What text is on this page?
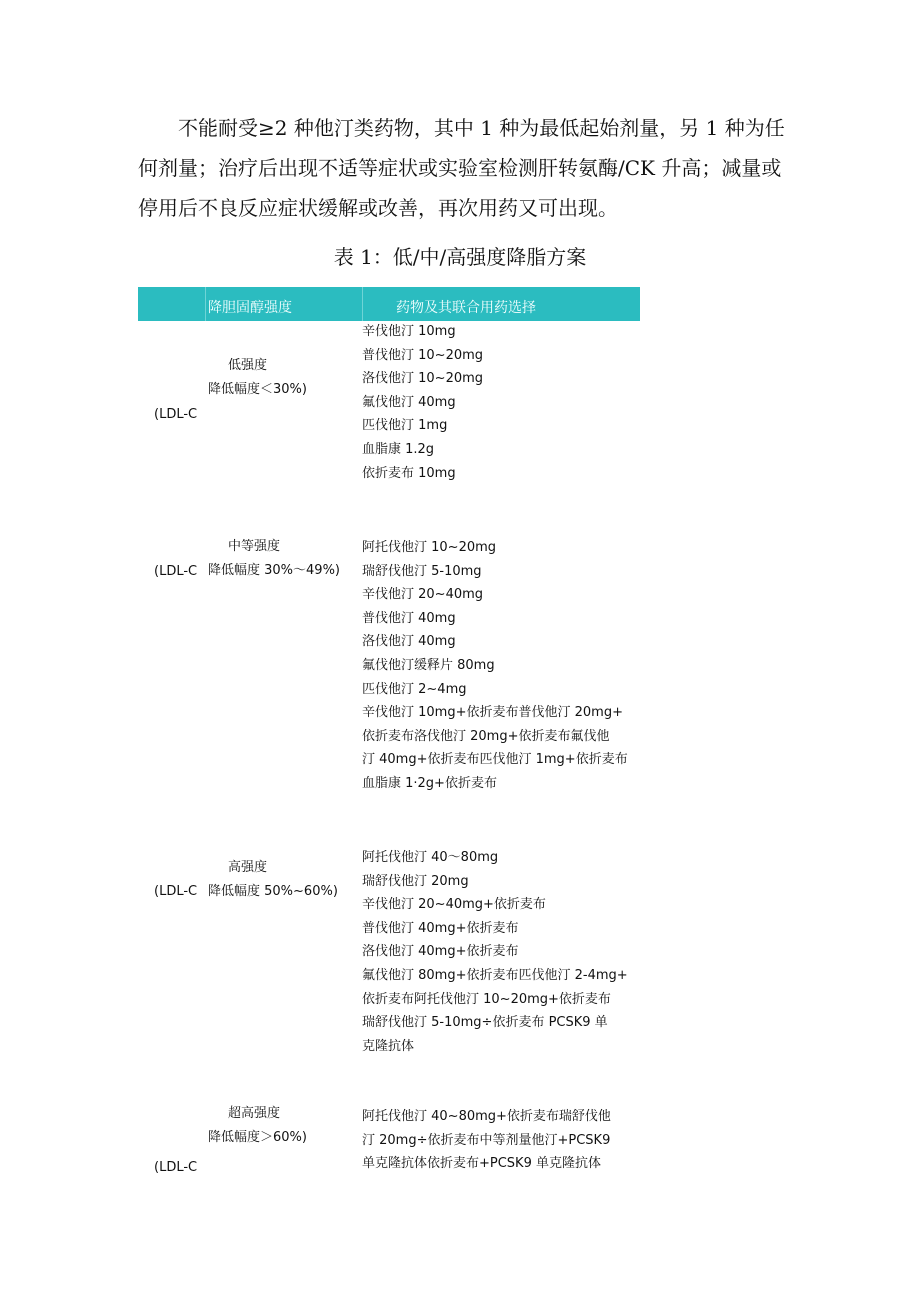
不能耐受≥2 种他汀类药物，其中 1 种为最低起始剂量，另 1 种为任
何剂量；治疗后出现不适等症状或实验室检测肝转氨酶/CK 升高；减量或
停用后不良反应症状缓解或改善，再次用药又可出现。
表 1：低/中/高强度降脂方案
降胆固醇强度	药物及其联合用药选择
(LDL-C
低强度
降低幅度＜30%)
辛伐他汀 10mg
普伐他汀 10~20mg
洛伐他汀 10~20mg
氟伐他汀 40mg
匹伐他汀 1mg
血脂康 1.2g
依折麦布 10mg
(LDL-C
中等强度
降低幅度 30%～49%)
阿托伐他汀 10~20mg
瑞舒伐他汀 5-10mg
辛伐他汀 20~40mg
普伐他汀 40mg
洛伐他汀 40mg
氟伐他汀缓释片 80mg
匹伐他汀 2~4mg
辛伐他汀 10mg+依折麦布普伐他汀 20mg+
依折麦布洛伐他汀 20mg+依折麦布氟伐他
汀 40mg+依折麦布匹伐他汀 1mg+依折麦布
血脂康 1·2g+依折麦布
(LDL-C
高强度
降低幅度 50%~60%)
阿托伐他汀 40～80mg
瑞舒伐他汀 20mg
辛伐他汀 20~40mg+依折麦布
普伐他汀 40mg+依折麦布
洛伐他汀 40mg+依折麦布
氟伐他汀 80mg+依折麦布匹伐他汀 2-4mg+
依折麦布阿托伐他汀 10~20mg+依折麦布
瑞舒伐他汀 5-10mg÷依折麦布 PCSK9 单
克隆抗体
(LDL-C
超高强度
降低幅度＞60%)
阿托伐他汀 40~80mg+依折麦布瑞舒伐他
汀 20mg÷依折麦布中等剂量他汀+PCSK9
单克隆抗体依折麦布+PCSK9 单克隆抗体
